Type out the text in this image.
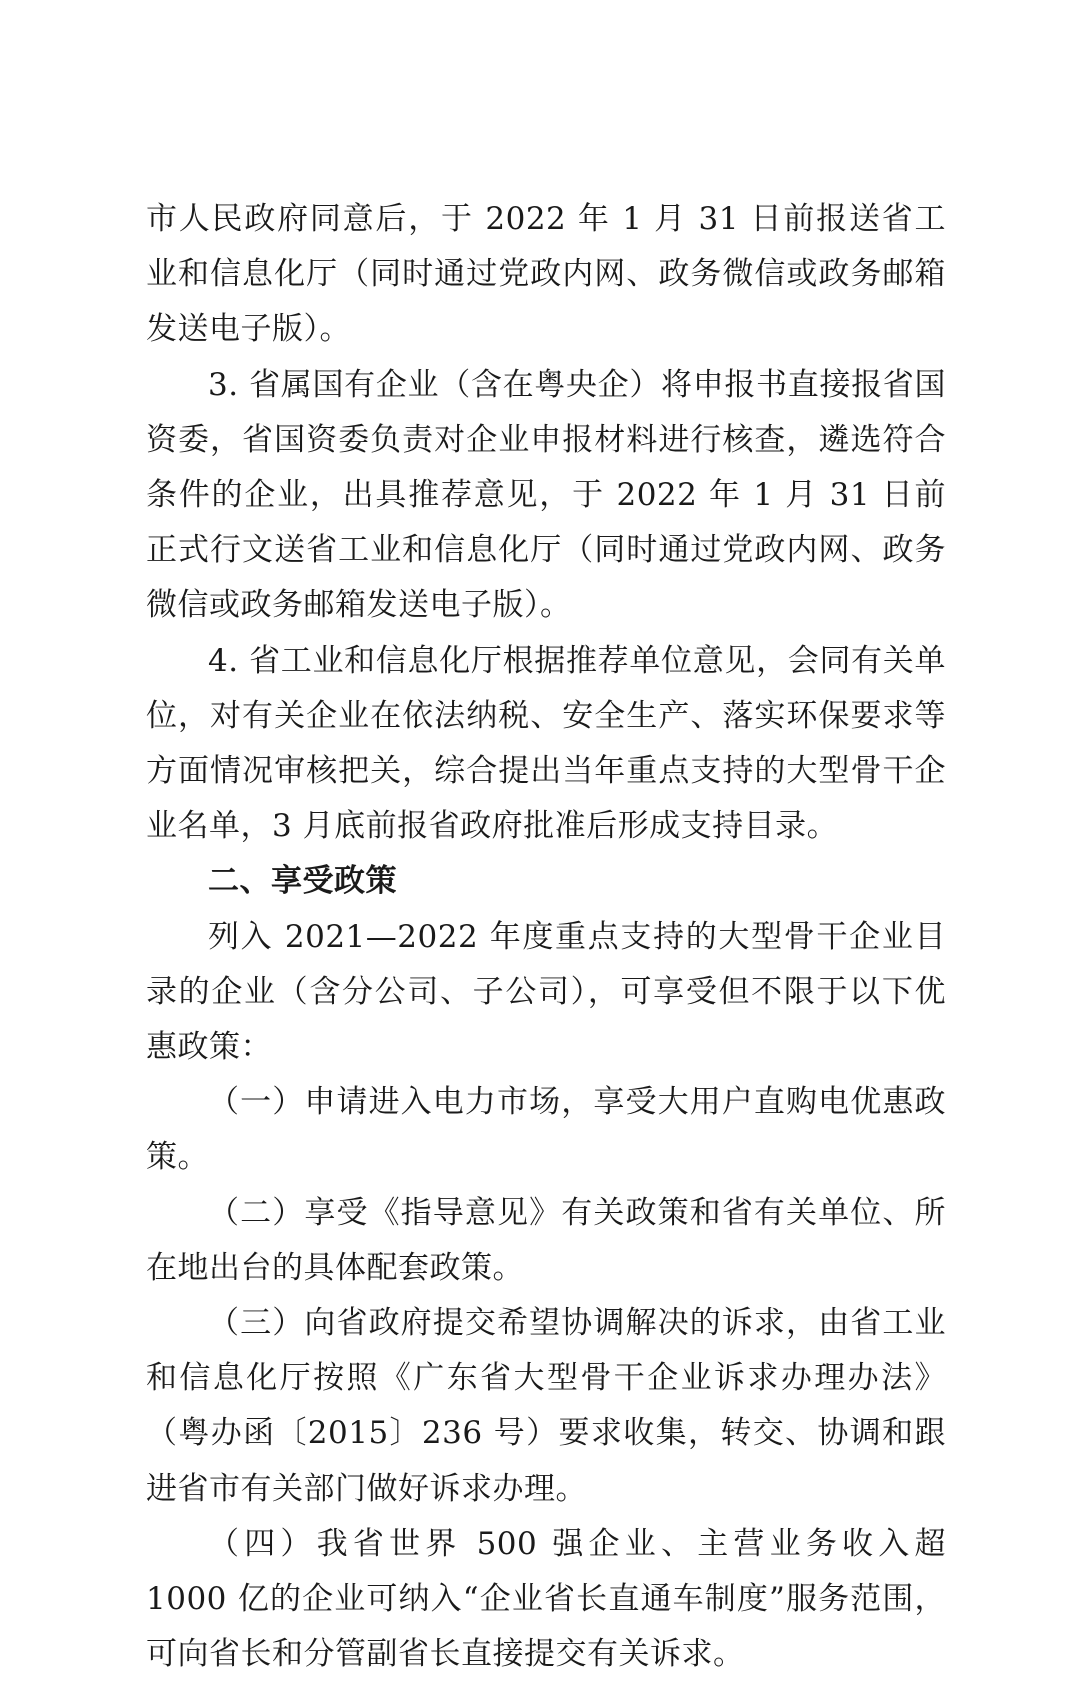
市人民政府同意后，于 2022 年 1 月 31 日前报送省工业和信息化厅（同时通过党政内网、政务微信或政务邮箱发送电子版）。

3. 省属国有企业（含在粤央企）将申报书直接报省国资委，省国资委负责对企业申报材料进行核查，遴选符合条件的企业，出具推荐意见，于 2022 年 1 月 31 日前正式行文送省工业和信息化厅（同时通过党政内网、政务微信或政务邮箱发送电子版）。

4. 省工业和信息化厅根据推荐单位意见，会同有关单位，对有关企业在依法纳税、安全生产、落实环保要求等方面情况审核把关，综合提出当年重点支持的大型骨干企业名单，3 月底前报省政府批准后形成支持目录。

二、享受政策

列入 2021—2022 年度重点支持的大型骨干企业目录的企业（含分公司、子公司），可享受但不限于以下优惠政策：

（一）申请进入电力市场，享受大用户直购电优惠政策。

（二）享受《指导意见》有关政策和省有关单位、所在地出台的具体配套政策。

（三）向省政府提交希望协调解决的诉求，由省工业和信息化厅按照《广东省大型骨干企业诉求办理办法》（粤办函〔2015〕236 号）要求收集，转交、协调和跟进省市有关部门做好诉求办理。

（四）我省世界 500 强企业、主营业务收入超 1000 亿的企业可纳入“企业省长直通车制度”服务范围，可向省长和分管副省长直接提交有关诉求。
